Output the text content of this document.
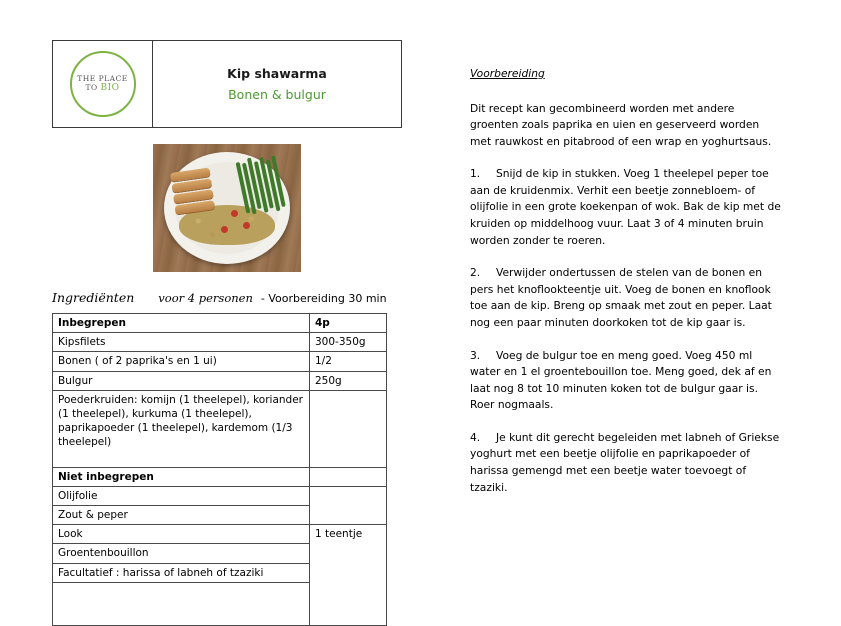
THE PLACE
TO BIO
Kip shawarma
Bonen & bulgur
Ingrediënten voor 4 personen - Voorbereiding 30 min
Inbegrepen	4p
Kipsfilets	300-350g
Bonen ( of 2 paprika's en 1 ui)	1/2
Bulgur	250g
Poederkruiden: komijn (1 theelepel), koriander (1 theelepel), kurkuma (1 theelepel), paprikapoeder (1 theelepel), kardemom (1/3 theelepel)	
Niet inbegrepen	
Olijfolie	
Zout & peper	
Look	1 teentje
Groentenbouillon	
Facultatief : harissa of labneh of tzaziki	

Voorbereiding
Dit recept kan gecombineerd worden met andere groenten zoals paprika en uien en geserveerd worden met rauwkost en pitabrood of een wrap en yoghurtsaus.
1. Snijd de kip in stukken. Voeg 1 theelepel peper toe aan de kruidenmix. Verhit een beetje zonnebloem- of olijfolie in een grote koekenpan of wok. Bak de kip met de kruiden op middelhoog vuur. Laat 3 of 4 minuten bruin worden zonder te roeren.
2. Verwijder ondertussen de stelen van de bonen en pers het knoflookteentje uit. Voeg de bonen en knoflook toe aan de kip. Breng op smaak met zout en peper. Laat nog een paar minuten doorkoken tot de kip gaar is.
3. Voeg de bulgur toe en meng goed. Voeg 450 ml water en 1 el groentebouillon toe. Meng goed, dek af en laat nog 8 tot 10 minuten koken tot de bulgur gaar is. Roer nogmaals.
4. Je kunt dit gerecht begeleiden met labneh of Griekse yoghurt met een beetje olijfolie en paprikapoeder of harissa gemengd met een beetje water toevoegt of tzaziki.
